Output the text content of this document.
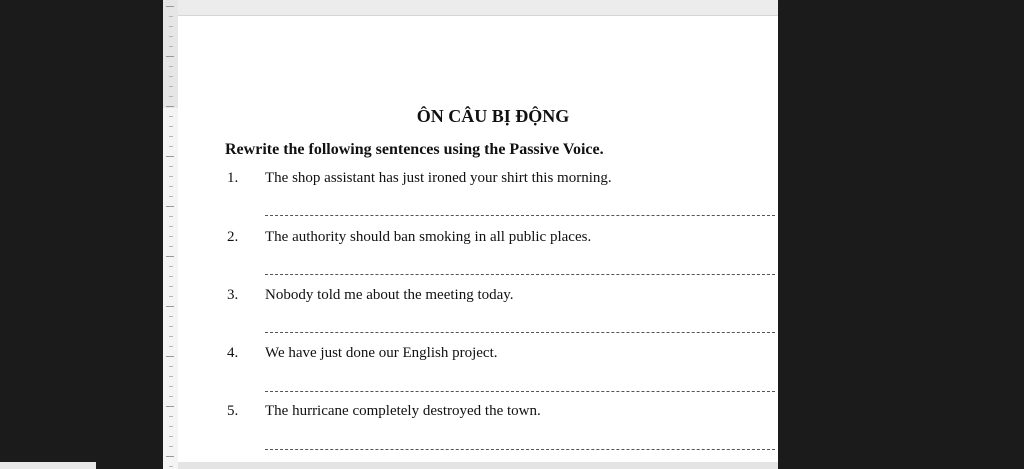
ÔN CÂU BỊ ĐỘNG
Rewrite the following sentences using the Passive Voice.
1. The shop assistant has just ironed your shirt this morning.
2. The authority should ban smoking in all public places.
3. Nobody told me about the meeting today.
4. We have just done our English project.
5. The hurricane completely destroyed the town.
